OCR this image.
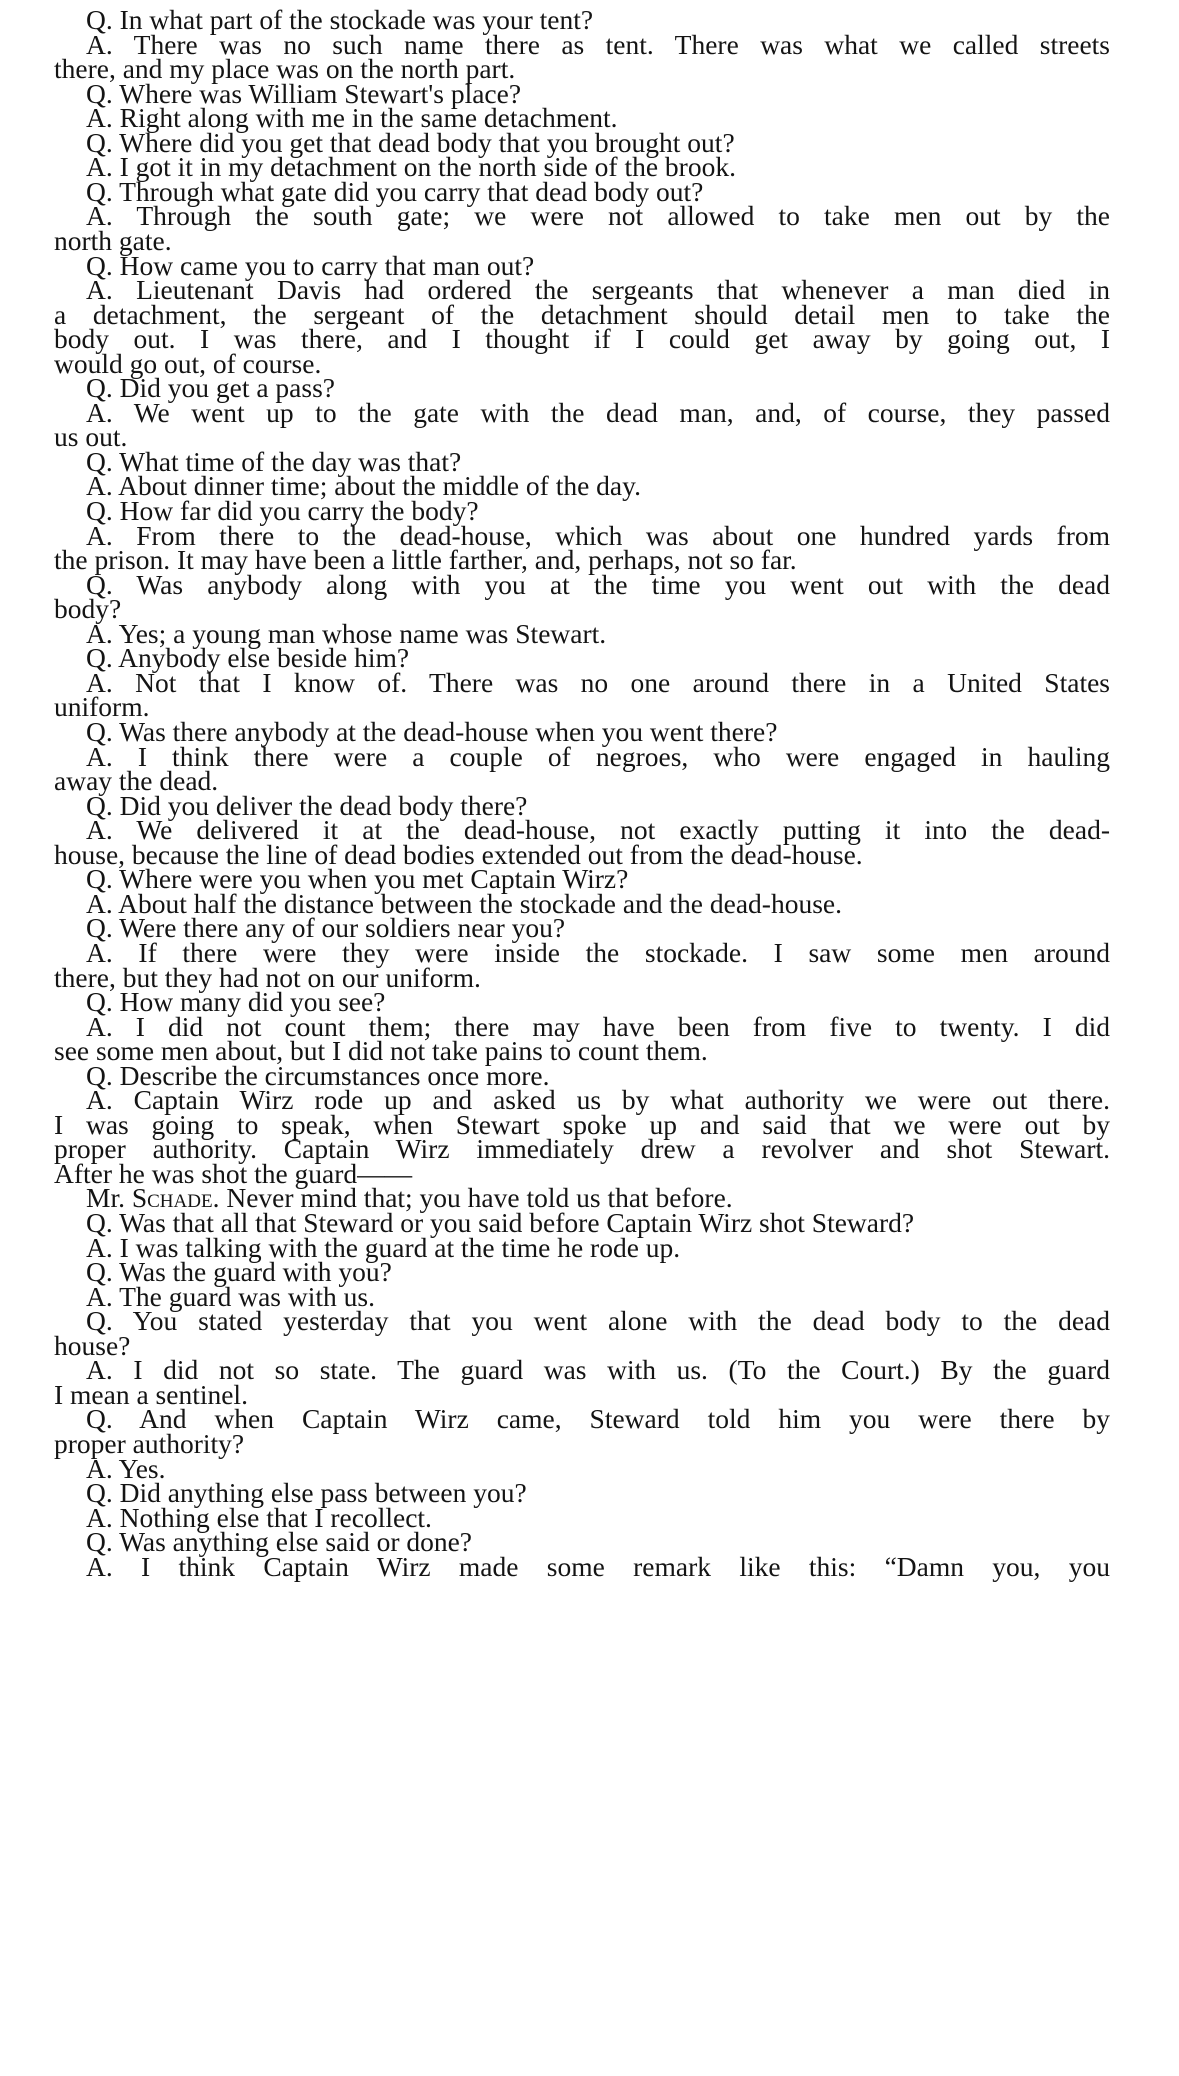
Q. In what part of the stockade was your tent?
A. There was no such name there as tent. There was what we called streets
there, and my place was on the north part.
Q. Where was William Stewart's place?
A. Right along with me in the same detachment.
Q. Where did you get that dead body that you brought out?
A. I got it in my detachment on the north side of the brook.
Q. Through what gate did you carry that dead body out?
A. Through the south gate; we were not allowed to take men out by the
north gate.
Q. How came you to carry that man out?
A. Lieutenant Davis had ordered the sergeants that whenever a man died in
a detachment, the sergeant of the detachment should detail men to take the
body out. I was there, and I thought if I could get away by going out, I
would go out, of course.
Q. Did you get a pass?
A. We went up to the gate with the dead man, and, of course, they passed
us out.
Q. What time of the day was that?
A. About dinner time; about the middle of the day.
Q. How far did you carry the body?
A. From there to the dead-house, which was about one hundred yards from
the prison. It may have been a little farther, and, perhaps, not so far.
Q. Was anybody along with you at the time you went out with the dead
body?
A. Yes; a young man whose name was Stewart.
Q. Anybody else beside him?
A. Not that I know of. There was no one around there in a United States
uniform.
Q. Was there anybody at the dead-house when you went there?
A. I think there were a couple of negroes, who were engaged in hauling
away the dead.
Q. Did you deliver the dead body there?
A. We delivered it at the dead-house, not exactly putting it into the dead-
house, because the line of dead bodies extended out from the dead-house.
Q. Where were you when you met Captain Wirz?
A. About half the distance between the stockade and the dead-house.
Q. Were there any of our soldiers near you?
A. If there were they were inside the stockade. I saw some men around
there, but they had not on our uniform.
Q. How many did you see?
A. I did not count them; there may have been from five to twenty. I did
see some men about, but I did not take pains to count them.
Q. Describe the circumstances once more.
A. Captain Wirz rode up and asked us by what authority we were out there.
I was going to speak, when Stewart spoke up and said that we were out by
proper authority. Captain Wirz immediately drew a revolver and shot Stewart.
After he was shot the guard——
Mr. Schade. Never mind that; you have told us that before.
Q. Was that all that Steward or you said before Captain Wirz shot Steward?
A. I was talking with the guard at the time he rode up.
Q. Was the guard with you?
A. The guard was with us.
Q. You stated yesterday that you went alone with the dead body to the dead
house?
A. I did not so state. The guard was with us. (To the Court.) By the guard
I mean a sentinel.
Q. And when Captain Wirz came, Steward told him you were there by
proper authority?
A. Yes.
Q. Did anything else pass between you?
A. Nothing else that I recollect.
Q. Was anything else said or done?
A. I think Captain Wirz made some remark like this: “Damn you, you
